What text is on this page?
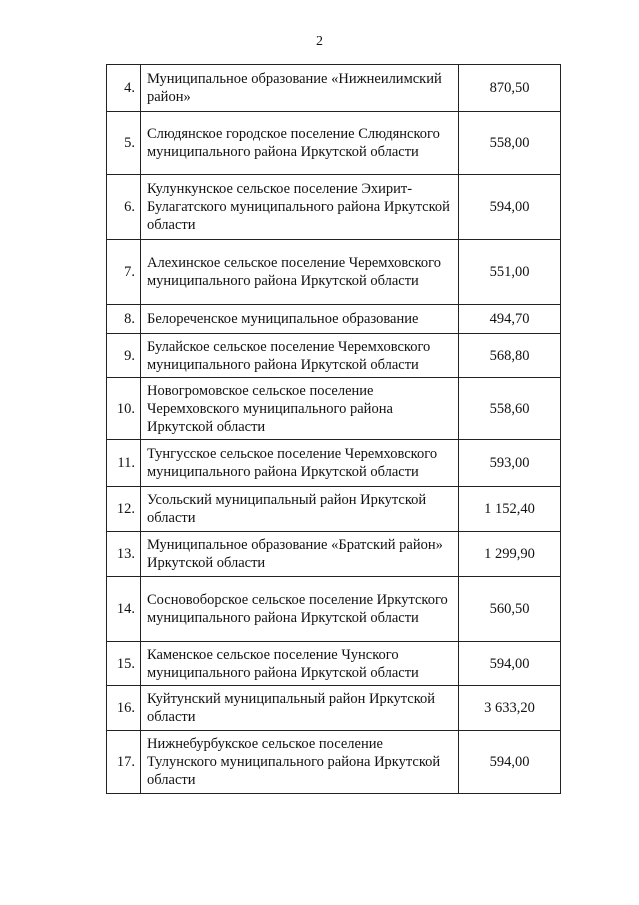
2
4.	Муниципальное образование «Нижнеилимский район»	870,50
5.	Слюдянское городское поселение Слюдянского муниципального района Иркутской области	558,00
6.	Кулункунское сельское поселение Эхирит-Булагатского муниципального района Иркутской области	594,00
7.	Алехинское сельское поселение Черемховского муниципального района Иркутской области	551,00
8.	Белореченское муниципальное образование	494,70
9.	Булайское сельское поселение Черемховского муниципального района Иркутской области	568,80
10.	Новогромовское сельское поселение Черемховского муниципального района Иркутской области	558,60
11.	Тунгусское сельское поселение Черемховского муниципального района Иркутской области	593,00
12.	Усольский муниципальный район Иркутской области	1 152,40
13.	Муниципальное образование «Братский район» Иркутской области	1 299,90
14.	Сосновоборское сельское поселение Иркутского муниципального района Иркутской области	560,50
15.	Каменское сельское поселение Чунского муниципального района Иркутской области	594,00
16.	Куйтунский муниципальный район Иркутской области	3 633,20
17.	Нижнебурбукское сельское поселение Тулунского муниципального района Иркутской области	594,00
